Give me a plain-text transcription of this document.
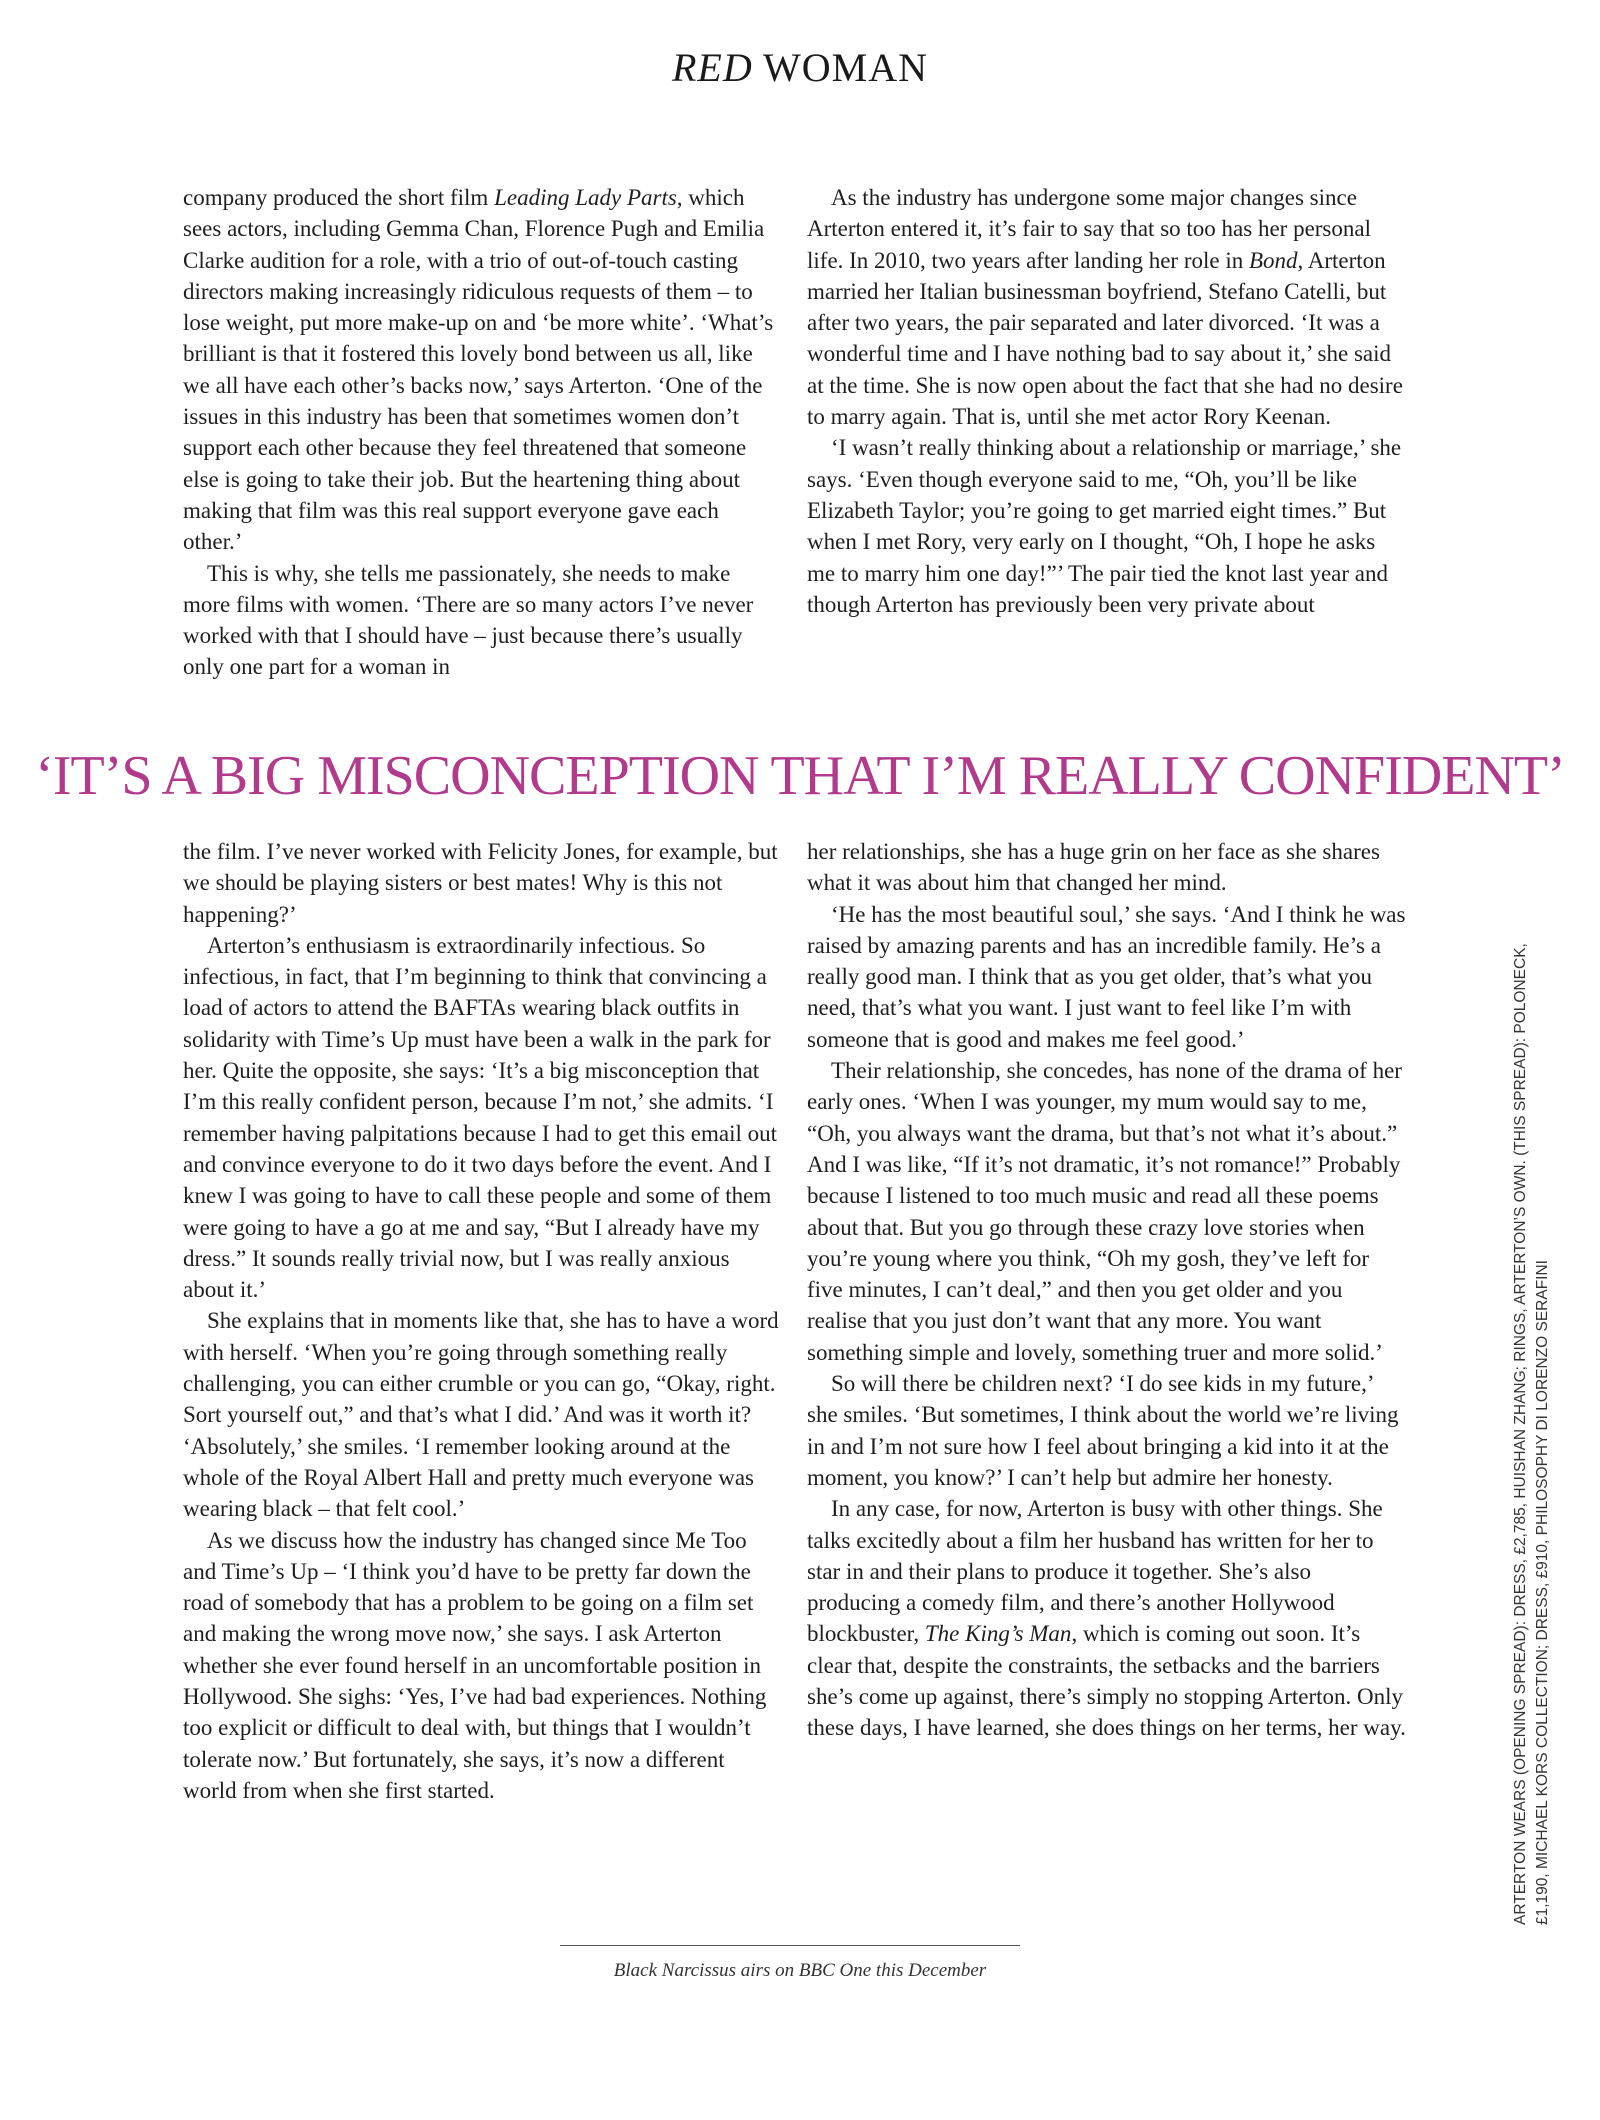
RED WOMAN

company produced the short film Leading Lady Parts, which sees actors, including Gemma Chan, Florence Pugh and Emilia Clarke audition for a role, with a trio of out-of-touch casting directors making increasingly ridiculous requests of them – to lose weight, put more make-up on and ‘be more white’. ‘What’s brilliant is that it fostered this lovely bond between us all, like we all have each other’s backs now,’ says Arterton. ‘One of the issues in this industry has been that sometimes women don’t support each other because they feel threatened that someone else is going to take their job. But the heartening thing about making that film was this real support everyone gave each other.’

This is why, she tells me passionately, she needs to make more films with women. ‘There are so many actors I’ve never worked with that I should have – just because there’s usually only one part for a woman in

As the industry has undergone some major changes since Arterton entered it, it’s fair to say that so too has her personal life. In 2010, two years after landing her role in Bond, Arterton married her Italian businessman boyfriend, Stefano Catelli, but after two years, the pair separated and later divorced. ‘It was a wonderful time and I have nothing bad to say about it,’ she said at the time. She is now open about the fact that she had no desire to marry again. That is, until she met actor Rory Keenan.

‘I wasn’t really thinking about a relationship or marriage,’ she says. ‘Even though everyone said to me, “Oh, you’ll be like Elizabeth Taylor; you’re going to get married eight times.” But when I met Rory, very early on I thought, “Oh, I hope he asks me to marry him one day!”’ The pair tied the knot last year and though Arterton has previously been very private about

‘IT’S A BIG MISCONCEPTION THAT I’M REALLY CONFIDENT’

the film. I’ve never worked with Felicity Jones, for example, but we should be playing sisters or best mates! Why is this not happening?’

Arterton’s enthusiasm is extraordinarily infectious. So infectious, in fact, that I’m beginning to think that convincing a load of actors to attend the BAFTAs wearing black outfits in solidarity with Time’s Up must have been a walk in the park for her. Quite the opposite, she says: ‘It’s a big misconception that I’m this really confident person, because I’m not,’ she admits. ‘I remember having palpitations because I had to get this email out and convince everyone to do it two days before the event. And I knew I was going to have to call these people and some of them were going to have a go at me and say, “But I already have my dress.” It sounds really trivial now, but I was really anxious about it.’

She explains that in moments like that, she has to have a word with herself. ‘When you’re going through something really challenging, you can either crumble or you can go, “Okay, right. Sort yourself out,” and that’s what I did.’ And was it worth it? ‘Absolutely,’ she smiles. ‘I remember looking around at the whole of the Royal Albert Hall and pretty much everyone was wearing black – that felt cool.’

As we discuss how the industry has changed since Me Too and Time’s Up – ‘I think you’d have to be pretty far down the road of somebody that has a problem to be going on a film set and making the wrong move now,’ she says. I ask Arterton whether she ever found herself in an uncomfortable position in Hollywood. She sighs: ‘Yes, I’ve had bad experiences. Nothing too explicit or difficult to deal with, but things that I wouldn’t tolerate now.’ But fortunately, she says, it’s now a different world from when she first started.

her relationships, she has a huge grin on her face as she shares what it was about him that changed her mind.

‘He has the most beautiful soul,’ she says. ‘And I think he was raised by amazing parents and has an incredible family. He’s a really good man. I think that as you get older, that’s what you need, that’s what you want. I just want to feel like I’m with someone that is good and makes me feel good.’

Their relationship, she concedes, has none of the drama of her early ones. ‘When I was younger, my mum would say to me, “Oh, you always want the drama, but that’s not what it’s about.” And I was like, “If it’s not dramatic, it’s not romance!” Probably because I listened to too much music and read all these poems about that. But you go through these crazy love stories when you’re young where you think, “Oh my gosh, they’ve left for five minutes, I can’t deal,” and then you get older and you realise that you just don’t want that any more. You want something simple and lovely, something truer and more solid.’

So will there be children next? ‘I do see kids in my future,’ she smiles. ‘But sometimes, I think about the world we’re living in and I’m not sure how I feel about bringing a kid into it at the moment, you know?’ I can’t help but admire her honesty.

In any case, for now, Arterton is busy with other things. She talks excitedly about a film her husband has written for her to star in and their plans to produce it together. She’s also producing a comedy film, and there’s another Hollywood blockbuster, The King’s Man, which is coming out soon. It’s clear that, despite the constraints, the setbacks and the barriers she’s come up against, there’s simply no stopping Arterton. Only these days, I have learned, she does things on her terms, her way.	ARTERTON WEARS (OPENING SPREAD): DRESS, £2,785, HUISHAN ZHANG; RINGS, ARTERTON’S OWN. (THIS SPREAD): POLONECK, £1,190, MICHAEL KORS COLLECTION; DRESS, £910, PHILOSOPHY DI LORENZO SERAFINI
Black Narcissus airs on BBC One this December
